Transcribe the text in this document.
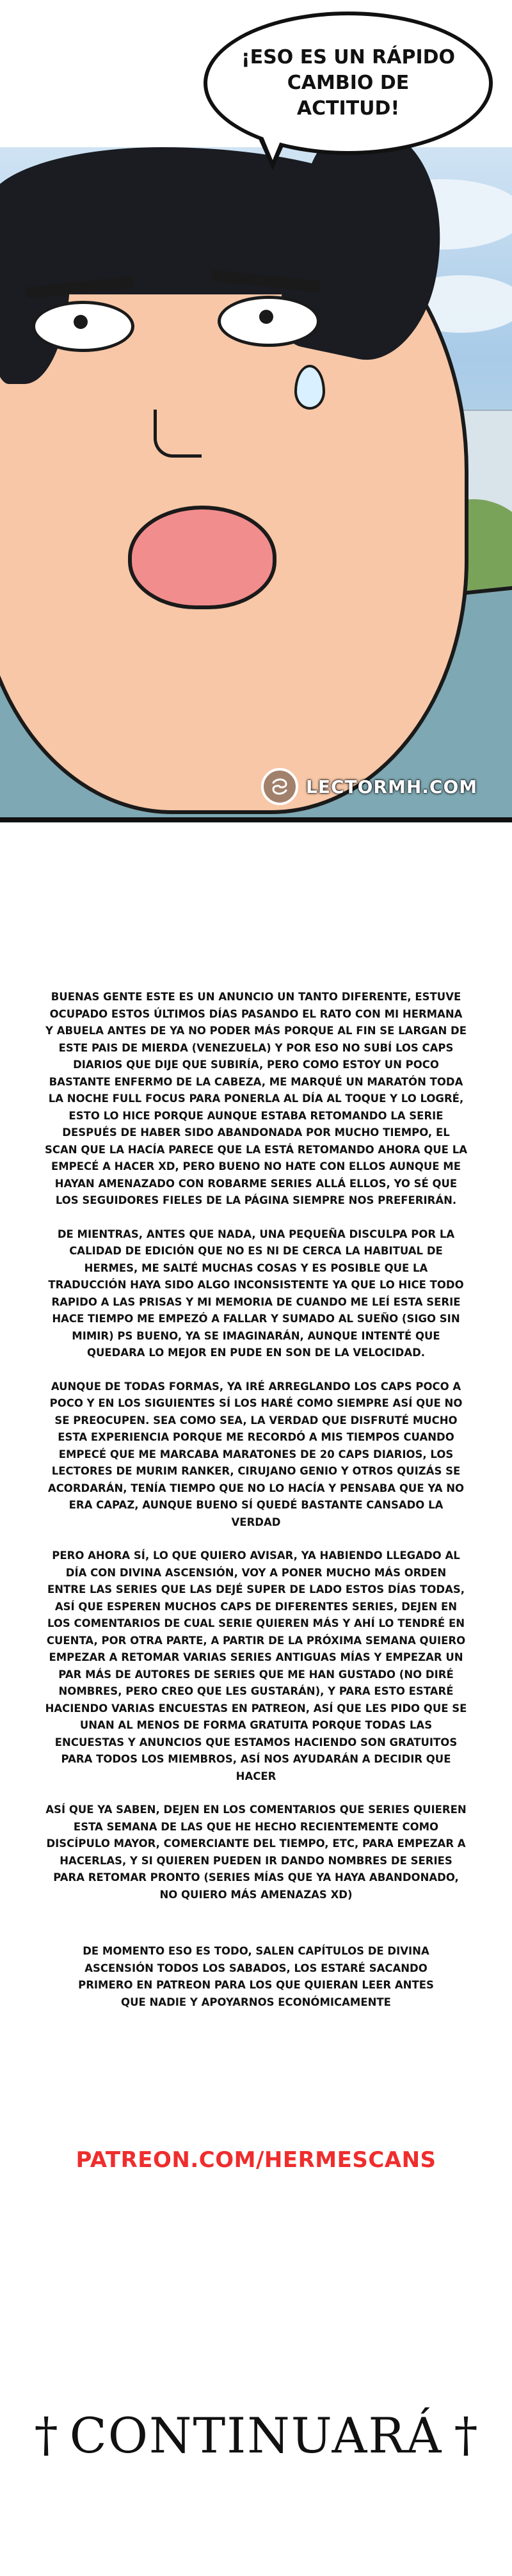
¡ESO ES UN RÁPIDO CAMBIO DE ACTITUD!
LECTORMH.COM

BUENAS GENTE ESTE ES UN ANUNCIO UN TANTO DIFERENTE, ESTUVE OCUPADO ESTOS ÚLTIMOS DÍAS PASANDO EL RATO CON MI HERMANA Y ABUELA ANTES DE YA NO PODER MÁS PORQUE AL FIN SE LARGAN DE ESTE PAIS DE MIERDA (VENEZUELA) Y POR ESO NO SUBÍ LOS CAPS DIARIOS QUE DIJE QUE SUBIRÍA, PERO COMO ESTOY UN POCO BASTANTE ENFERMO DE LA CABEZA, ME MARQUÉ UN MARATÓN TODA LA NOCHE FULL FOCUS PARA PONERLA AL DÍA AL TOQUE Y LO LOGRÉ, ESTO LO HICE PORQUE AUNQUE ESTABA RETOMANDO LA SERIE DESPUÉS DE HABER SIDO ABANDONADA POR MUCHO TIEMPO, EL SCAN QUE LA HACÍA PARECE QUE LA ESTÁ RETOMANDO AHORA QUE LA EMPECÉ A HACER XD, PERO BUENO NO HATE CON ELLOS AUNQUE ME HAYAN AMENAZADO CON ROBARME SERIES ALLÁ ELLOS, YO SÉ QUE LOS SEGUIDORES FIELES DE LA PÁGINA SIEMPRE NOS PREFERIRÁN.

DE MIENTRAS, ANTES QUE NADA, UNA PEQUEÑA DISCULPA POR LA CALIDAD DE EDICIÓN QUE NO ES NI DE CERCA LA HABITUAL DE HERMES, ME SALTÉ MUCHAS COSAS Y ES POSIBLE QUE LA TRADUCCIÓN HAYA SIDO ALGO INCONSISTENTE YA QUE LO HICE TODO RAPIDO A LAS PRISAS Y MI MEMORIA DE CUANDO ME LEÍ ESTA SERIE HACE TIEMPO ME EMPEZÓ A FALLAR Y SUMADO AL SUEÑO (SIGO SIN MIMIR) PS BUENO, YA SE IMAGINARÁN, AUNQUE INTENTÉ QUE QUEDARA LO MEJOR EN PUDE EN SON DE LA VELOCIDAD.

AUNQUE DE TODAS FORMAS, YA IRÉ ARREGLANDO LOS CAPS POCO A POCO Y EN LOS SIGUIENTES SÍ LOS HARÉ COMO SIEMPRE ASÍ QUE NO SE PREOCUPEN. SEA COMO SEA, LA VERDAD QUE DISFRUTÉ MUCHO ESTA EXPERIENCIA PORQUE ME RECORDÓ A MIS TIEMPOS CUANDO EMPECÉ QUE ME MARCABA MARATONES DE 20 CAPS DIARIOS, LOS LECTORES DE MURIM RANKER, CIRUJANO GENIO Y OTROS QUIZÁS SE ACORDARÁN, TENÍA TIEMPO QUE NO LO HACÍA Y PENSABA QUE YA NO ERA CAPAZ, AUNQUE BUENO SÍ QUEDÉ BASTANTE CANSADO LA VERDAD

PERO AHORA SÍ, LO QUE QUIERO AVISAR, YA HABIENDO LLEGADO AL DÍA CON DIVINA ASCENSIÓN, VOY A PONER MUCHO MÁS ORDEN ENTRE LAS SERIES QUE LAS DEJÉ SUPER DE LADO ESTOS DÍAS TODAS, ASÍ QUE ESPEREN MUCHOS CAPS DE DIFERENTES SERIES, DEJEN EN LOS COMENTARIOS DE CUAL SERIE QUIEREN MÁS Y AHÍ LO TENDRÉ EN CUENTA, POR OTRA PARTE, A PARTIR DE LA PRÓXIMA SEMANA QUIERO EMPEZAR A RETOMAR VARIAS SERIES ANTIGUAS MÍAS Y EMPEZAR UN PAR MÁS DE AUTORES DE SERIES QUE ME HAN GUSTADO (NO DIRÉ NOMBRES, PERO CREO QUE LES GUSTARÁN), Y PARA ESTO ESTARÉ HACIENDO VARIAS ENCUESTAS EN PATREON, ASÍ QUE LES PIDO QUE SE UNAN AL MENOS DE FORMA GRATUITA PORQUE TODAS LAS ENCUESTAS Y ANUNCIOS QUE ESTAMOS HACIENDO SON GRATUITOS PARA TODOS LOS MIEMBROS, ASÍ NOS AYUDARÁN A DECIDIR QUE HACER

ASÍ QUE YA SABEN, DEJEN EN LOS COMENTARIOS QUE SERIES QUIEREN ESTA SEMANA DE LAS QUE HE HECHO RECIENTEMENTE COMO DISCÍPULO MAYOR, COMERCIANTE DEL TIEMPO, ETC, PARA EMPEZAR A HACERLAS, Y SI QUIEREN PUEDEN IR DANDO NOMBRES DE SERIES PARA RETOMAR PRONTO (SERIES MÍAS QUE YA HAYA ABANDONADO, NO QUIERO MÁS AMENAZAS XD)

DE MOMENTO ESO ES TODO, SALEN CAPÍTULOS DE DIVINA ASCENSIÓN TODOS LOS SABADOS, LOS ESTARÉ SACANDO PRIMERO EN PATREON PARA LOS QUE QUIERAN LEER ANTES QUE NADIE Y APOYARNOS ECONÓMICAMENTE

PATREON.COM/HERMESCANS
† CONTINUARÁ †
